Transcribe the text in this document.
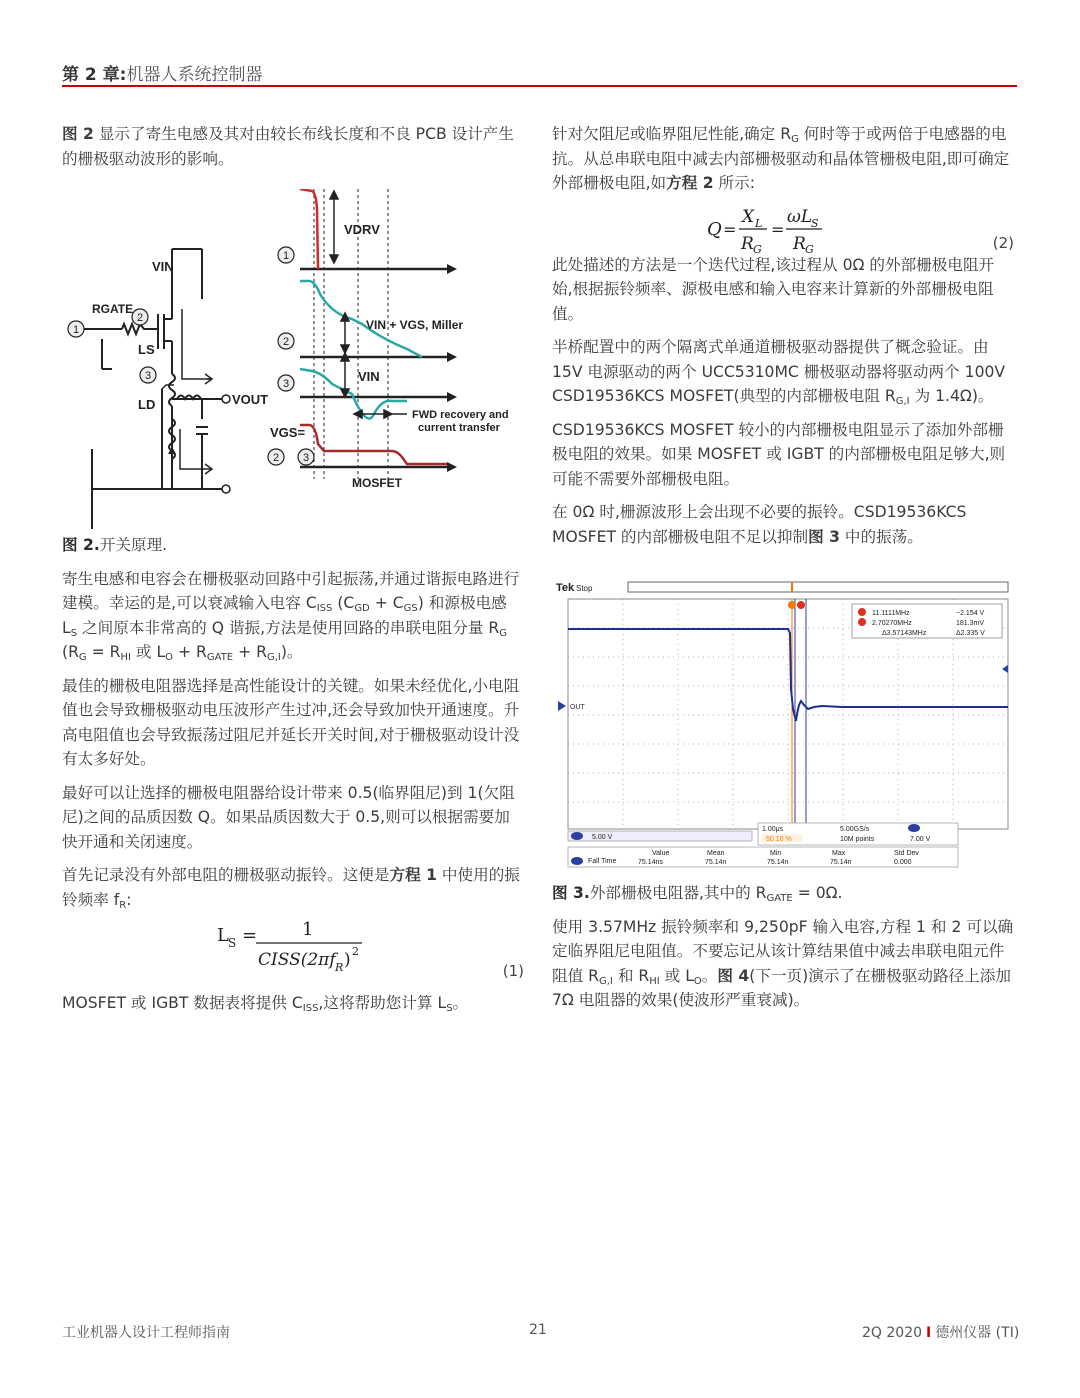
第 2 章:机器人系统控制器

图 2 显示了寄生电感及其对由较长布线长度和不良 PCB 设计产生的栅极驱动波形的影响。

1
2
3
VIN
RGATE
LS
LD	VOUT
1
2
3
2 3
VDRV
VIN + VGS, Miller
VIN
VGS=
FWD recovery and current transfer
MOSFET

图 2.开关原理.

寄生电感和电容会在栅极驱动回路中引起振荡,并通过谐振电路进行建模。幸运的是,可以衰减输入电容 $C_{ISS}$ $(C_{GD} + C_{GS})$ 和源极电感 $L_S$ 之间原本非常高的 Q 谐振,方法是使用回路的串联电阻分量 $R_G$ ($R_G = R_{HI}$ 或 $L_O + R_{GATE} + R_{G,I}$)。

最佳的栅极电阻器选择是高性能设计的关键。如果未经优化,小电阻值也会导致栅极驱动电压波形产生过冲,还会导致加快开通速度。升高电阻值也会导致振荡过阻尼并延长开关时间,对于栅极驱动设计没有太多好处。

最好可以让选择的栅极电阻器给设计带来 0.5(临界阻尼)到 1(欠阻尼)之间的品质因数 Q。如果品质因数大于 0.5,则可以根据需要加快开通和关闭速度。

首先记录没有外部电阻的栅极驱动振铃。这便是方程 1 中使用的振铃频率 $f_R$:

L S = 1
CISS(2πf R ) 2
(1)

MOSFET 或 IGBT 数据表将提供 $C_{ISS}$,这将帮助您计算 $L_S$。

针对欠阻尼或临界阻尼性能,确定 $R_G$ 何时等于或两倍于电感器的电抗。从总串联电阻中减去内部栅极驱动和晶体管栅极电阻,即可确定外部栅极电阻,如方程 2 所示:

Q =
X L
R G
=
ωL
S
R G	(2)

此处描述的方法是一个迭代过程,该过程从 0Ω 的外部栅极电阻开始,根据振铃频率、源极电感和输入电容来计算新的外部栅极电阻值。

半桥配置中的两个隔离式单通道栅极驱动器提供了概念验证。由 15V 电源驱动的两个 UCC5310MC 栅极驱动器将驱动两个 100V CSD19536KCS MOSFET(典型的内部栅极电阻 $R_{G,I}$ 为 1.4Ω)。

CSD19536KCS MOSFET 较小的内部栅极电阻显示了添加外部栅极电阻的效果。如果 MOSFET 或 IGBT 的内部栅极电阻足够大,则可能不需要外部栅极电阻。

在 0Ω 时,栅源波形上会出现不必要的振铃。CSD19536KCS MOSFET 的内部栅极电阻不足以抑制图 3 中的振荡。

Tek Stop
OUT
11.1111MHz	−2.154 V
2.70270MHz	181.3mV
Δ3.57143MHz	Δ2.335 V
5.00 V
1.00μs
50.10 %
5.00GS/s
10M points	7.00 V
Fall Time
Value	Mean	Min	Max	Std Dev
75.14ns	75.14n	75.14n	75.14n	0.000

图 3.外部栅极电阻器,其中的 $R_{GATE} = 0\Omega$.

使用 3.57MHz 振铃频率和 9,250pF 输入电容,方程 1 和 2 可以确定临界阻尼电阻值。不要忘记从该计算结果值中减去串联电阻元件阻值 $R_{G,I}$ 和 $R_{HI}$ 或 $L_O$。图 4(下一页)演示了在栅极驱动路径上添加 7Ω 电阻器的效果(使波形严重衰减)。

工业机器人设计工程师指南	21	2Q 2020 I 德州仪器 (TI)
